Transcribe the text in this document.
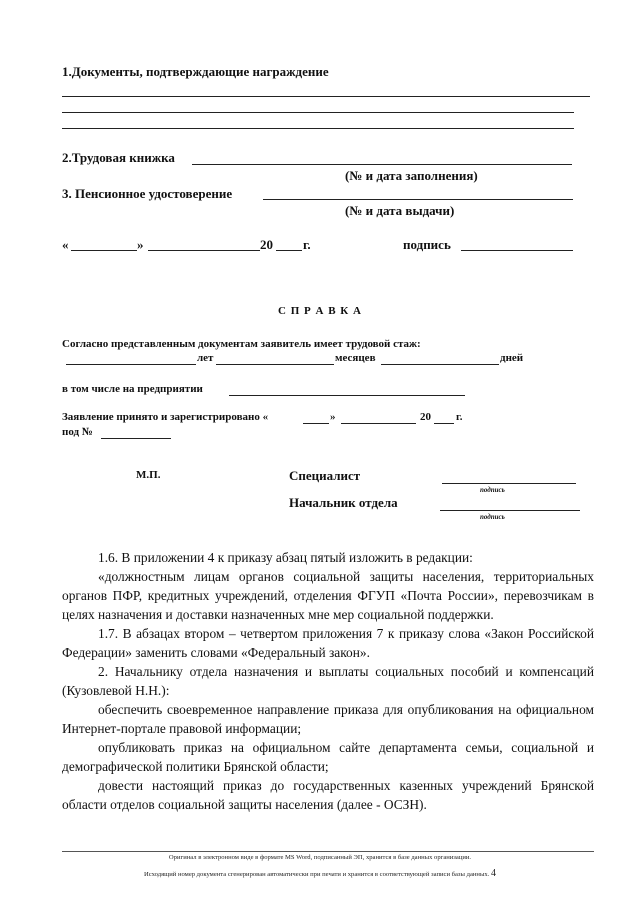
1.Документы, подтверждающие награждение
2.Трудовая книжка
(№ и дата заполнения)
3. Пенсионное удостоверение
(№ и дата выдачи)
«	»	20 г.	подпись
С П Р А В К А
Согласно представленным документам заявитель имеет трудовой стаж:
лет	месяцев	дней
в том числе на предприятии
Заявление принято и зарегистрировано «	»	20 г.
под №
М.П.	Специалист
подпись
Начальник отдела
подпись

1.6. В приложении 4 к приказу абзац пятый изложить в редакции:

«должностным лицам органов социальной защиты населения, территориальных органов ПФР, кредитных учреждений, отделения ФГУП «Почта России», перевозчикам в целях назначения и доставки назначенных мне мер социальной поддержки.

1.7. В абзацах втором – четвертом приложения 7 к приказу слова «Закон Российской Федерации» заменить словами «Федеральный закон».

2. Начальнику отдела назначения и выплаты социальных пособий и компенсаций (Кузовлевой Н.Н.):

обеспечить своевременное направление приказа для опубликования на официальном Интернет-портале правовой информации;

опубликовать приказ на официальном сайте департамента семьи, социальной и демографической политики Брянской области;

довести настоящий приказ до государственных казенных учреждений Брянской области отделов социальной защиты населения (далее - ОСЗН).

Оригинал в электронном виде в формате MS Word, подписанный ЭП, хранится в базе данных организации.
Исходящий номер документа сгенерирован автоматически при печати и хранится в соответствующей записи базы данных. 4
